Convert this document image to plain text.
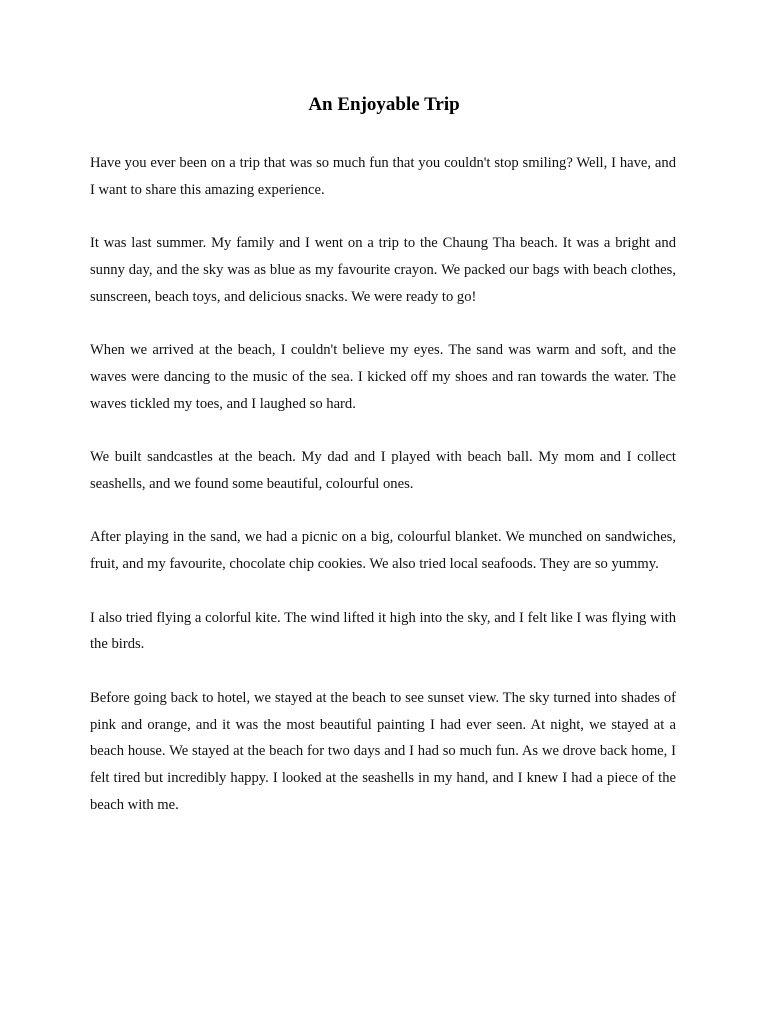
An Enjoyable Trip

Have you ever been on a trip that was so much fun that you couldn't stop smiling? Well, I have, and I want to share this amazing experience.

It was last summer. My family and I went on a trip to the Chaung Tha beach. It was a bright and sunny day, and the sky was as blue as my favourite crayon. We packed our bags with beach clothes, sunscreen, beach toys, and delicious snacks. We were ready to go!

When we arrived at the beach, I couldn't believe my eyes. The sand was warm and soft, and the waves were dancing to the music of the sea. I kicked off my shoes and ran towards the water. The waves tickled my toes, and I laughed so hard.

We built sandcastles at the beach. My dad and I played with beach ball. My mom and I collect seashells, and we found some beautiful, colourful ones.

After playing in the sand, we had a picnic on a big, colourful blanket. We munched on sandwiches, fruit, and my favourite, chocolate chip cookies. We also tried local seafoods. They are so yummy.

I also tried flying a colorful kite. The wind lifted it high into the sky, and I felt like I was flying with the birds.

Before going back to hotel, we stayed at the beach to see sunset view. The sky turned into shades of pink and orange, and it was the most beautiful painting I had ever seen. At night, we stayed at a beach house. We stayed at the beach for two days and I had so much fun. As we drove back home, I felt tired but incredibly happy. I looked at the seashells in my hand, and I knew I had a piece of the beach with me.
